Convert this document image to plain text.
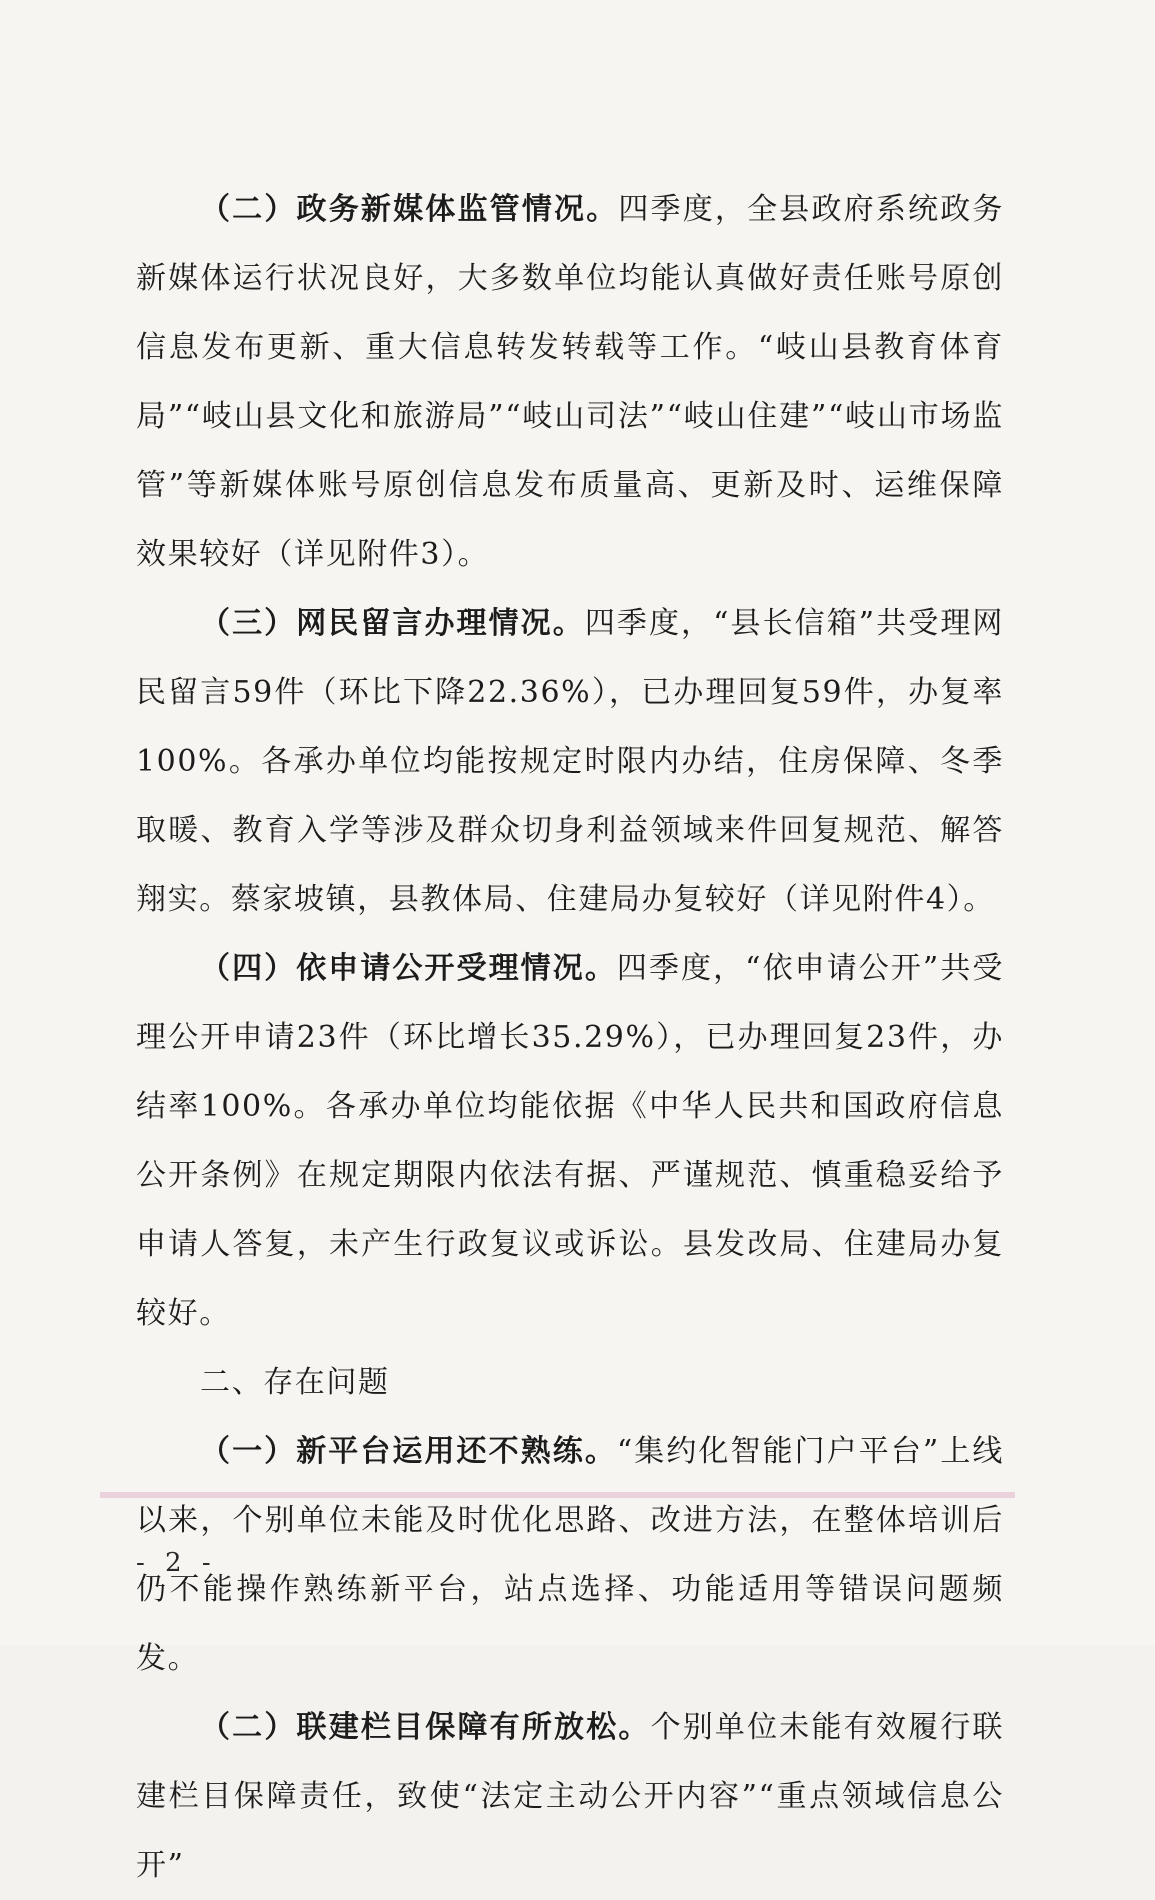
（二）政务新媒体监管情况。四季度，全县政府系统政务新媒体运行状况良好，大多数单位均能认真做好责任账号原创信息发布更新、重大信息转发转载等工作。“岐山县教育体育局”“岐山县文化和旅游局”“岐山司法”“岐山住建”“岐山市场监管”等新媒体账号原创信息发布质量高、更新及时、运维保障效果较好（详见附件3）。

（三）网民留言办理情况。四季度，“县长信箱”共受理网民留言59件（环比下降22.36%），已办理回复59件，办复率100%。各承办单位均能按规定时限内办结，住房保障、冬季取暖、教育入学等涉及群众切身利益领域来件回复规范、解答翔实。蔡家坡镇，县教体局、住建局办复较好（详见附件4）。

（四）依申请公开受理情况。四季度，“依申请公开”共受理公开申请23件（环比增长35.29%），已办理回复23件，办结率100%。各承办单位均能依据《中华人民共和国政府信息公开条例》在规定期限内依法有据、严谨规范、慎重稳妥给予申请人答复，未产生行政复议或诉讼。县发改局、住建局办复较好。

二、存在问题

（一）新平台运用还不熟练。“集约化智能门户平台”上线以来，个别单位未能及时优化思路、改进方法，在整体培训后仍不能操作熟练新平台，站点选择、功能适用等错误问题频发。

（二）联建栏目保障有所放松。个别单位未能有效履行联建栏目保障责任，致使“法定主动公开内容”“重点领域信息公开”

- 2 -
